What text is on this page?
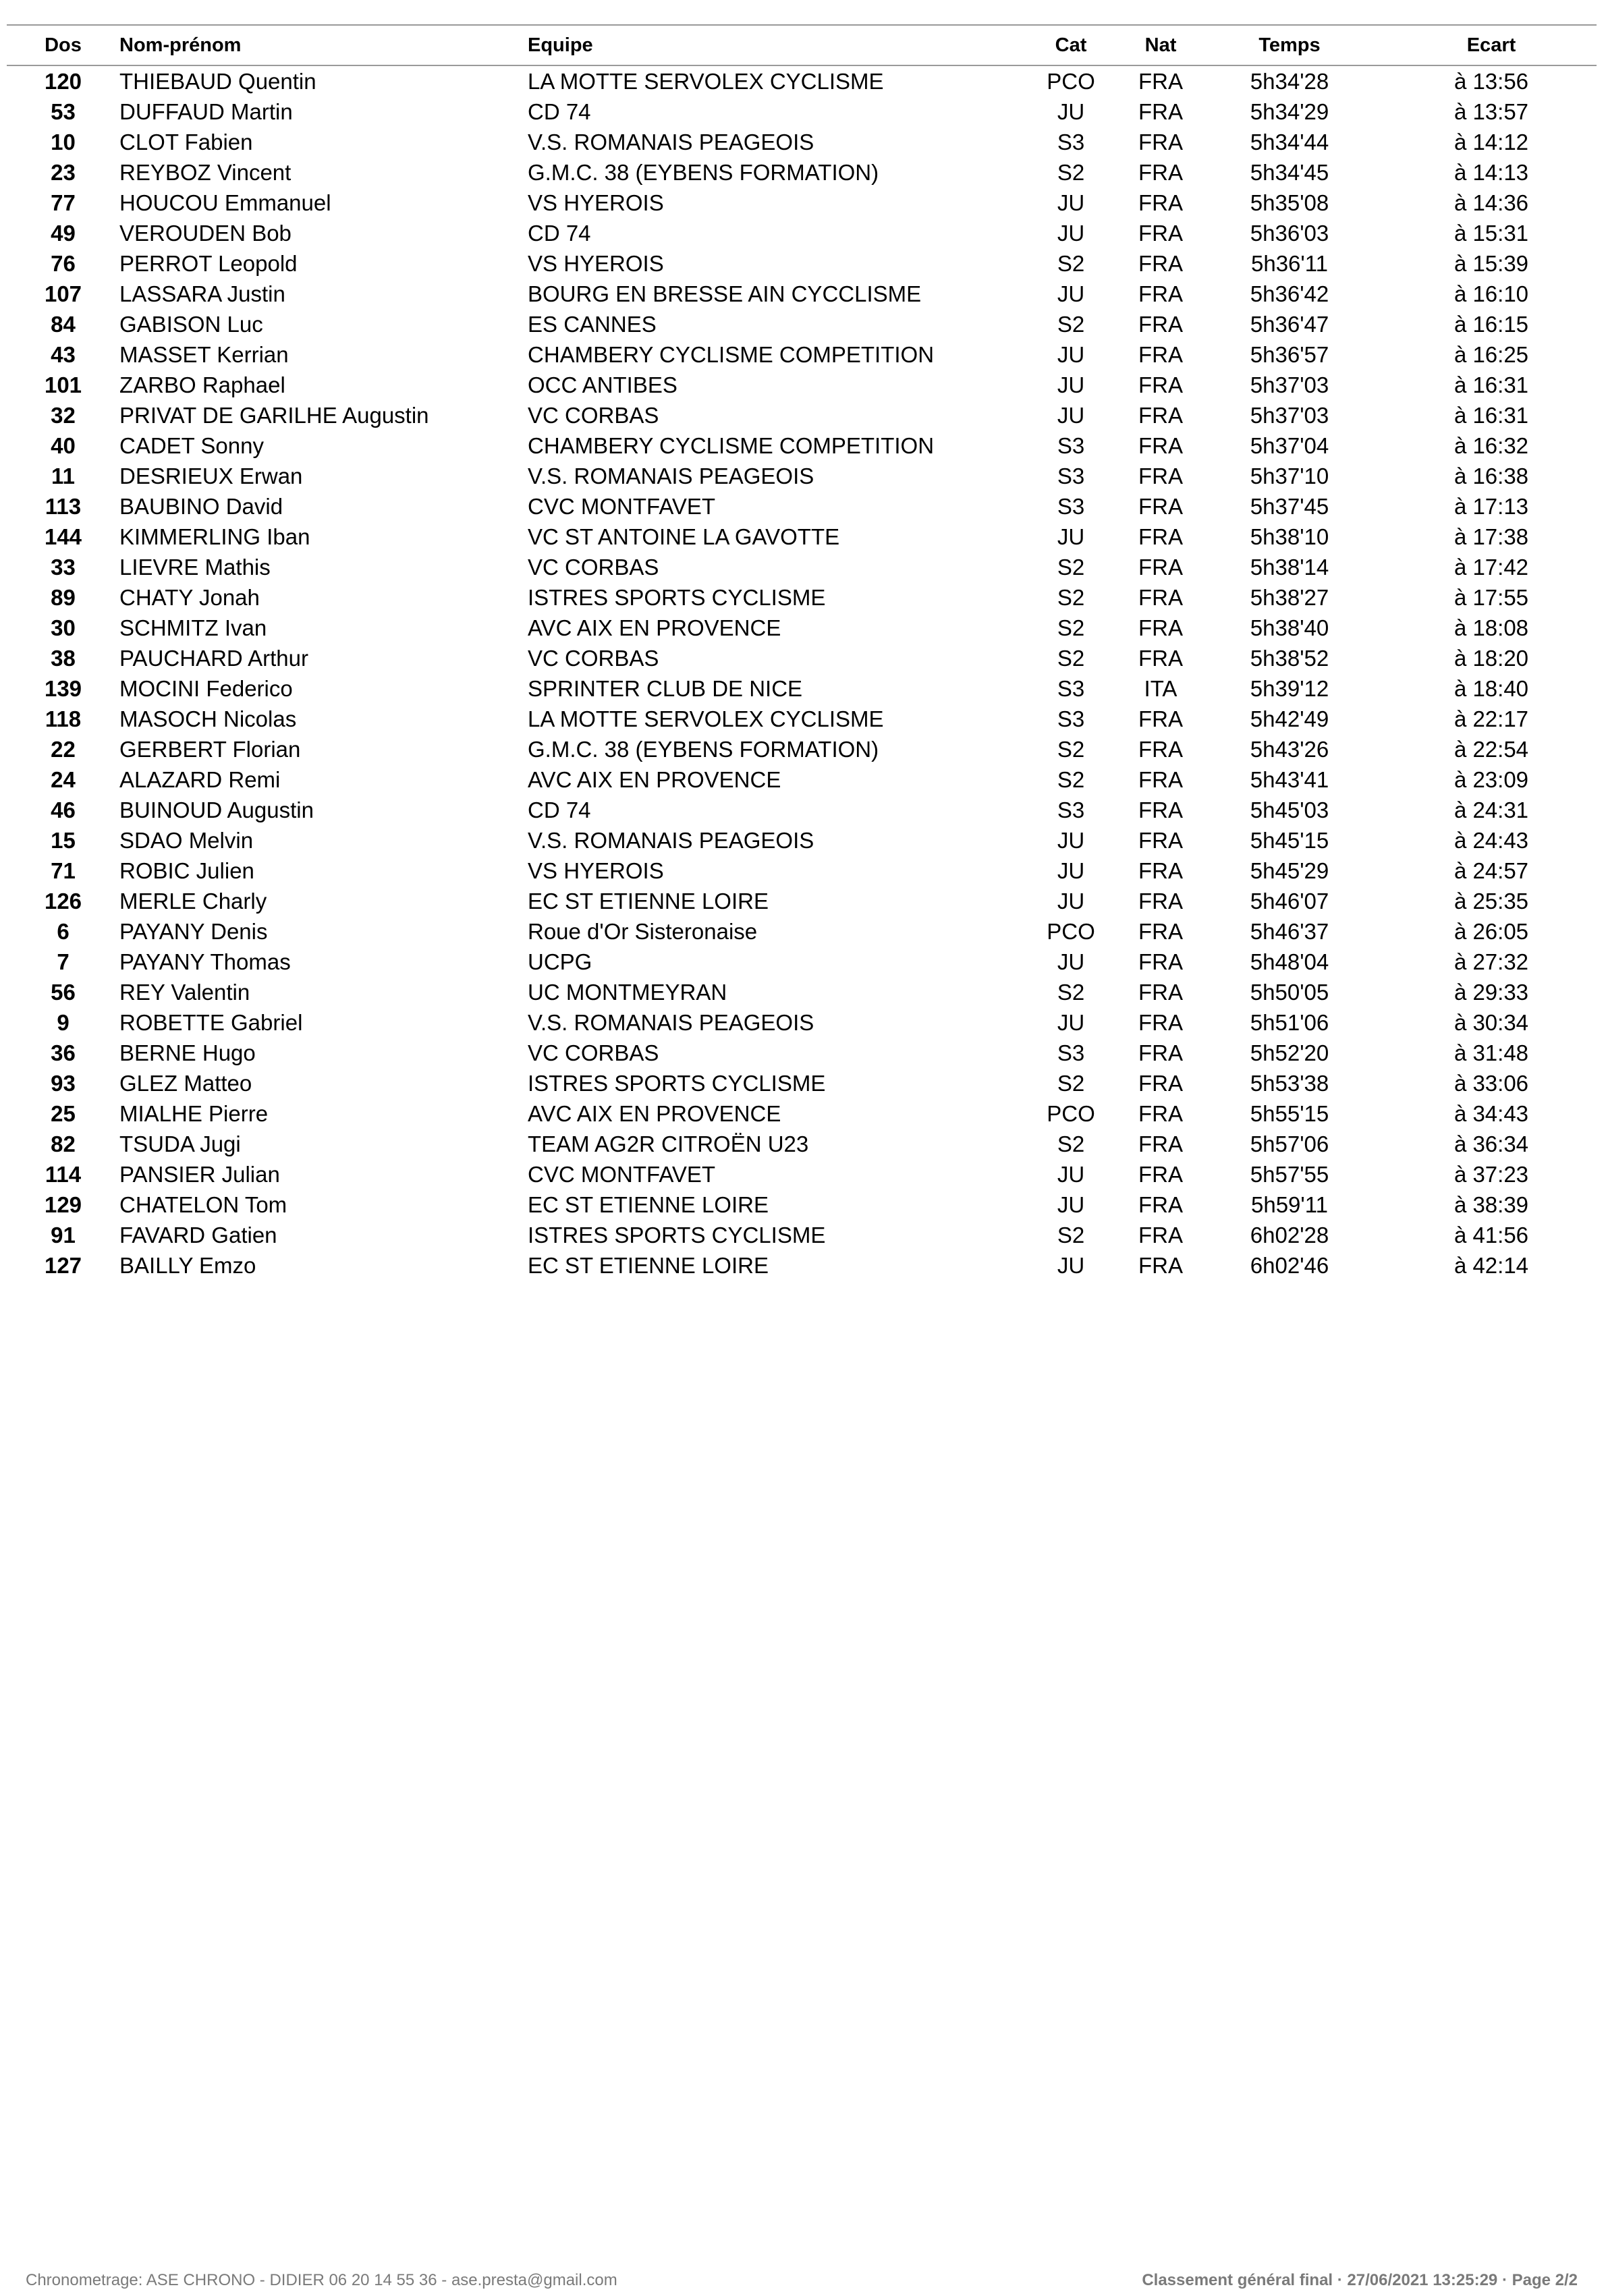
Dos	Nom-prénom	Equipe	Cat	Nat	Temps	Ecart
120	THIEBAUD Quentin	LA MOTTE SERVOLEX CYCLISME	PCO	FRA	5h34'28	à 13:56
53	DUFFAUD Martin	CD 74	JU	FRA	5h34'29	à 13:57
10	CLOT Fabien	V.S. ROMANAIS PEAGEOIS	S3	FRA	5h34'44	à 14:12
23	REYBOZ Vincent	G.M.C. 38 (EYBENS FORMATION)	S2	FRA	5h34'45	à 14:13
77	HOUCOU Emmanuel	VS HYEROIS	JU	FRA	5h35'08	à 14:36
49	VEROUDEN Bob	CD 74	JU	FRA	5h36'03	à 15:31
76	PERROT Leopold	VS HYEROIS	S2	FRA	5h36'11	à 15:39
107	LASSARA Justin	BOURG EN BRESSE AIN CYCCLISME	JU	FRA	5h36'42	à 16:10
84	GABISON Luc	ES CANNES	S2	FRA	5h36'47	à 16:15
43	MASSET Kerrian	CHAMBERY CYCLISME COMPETITION	JU	FRA	5h36'57	à 16:25
101	ZARBO Raphael	OCC ANTIBES	JU	FRA	5h37'03	à 16:31
32	PRIVAT DE GARILHE Augustin	VC CORBAS	JU	FRA	5h37'03	à 16:31
40	CADET Sonny	CHAMBERY CYCLISME COMPETITION	S3	FRA	5h37'04	à 16:32
11	DESRIEUX Erwan	V.S. ROMANAIS PEAGEOIS	S3	FRA	5h37'10	à 16:38
113	BAUBINO David	CVC MONTFAVET	S3	FRA	5h37'45	à 17:13
144	KIMMERLING Iban	VC ST ANTOINE LA GAVOTTE	JU	FRA	5h38'10	à 17:38
33	LIEVRE Mathis	VC CORBAS	S2	FRA	5h38'14	à 17:42
89	CHATY Jonah	ISTRES SPORTS CYCLISME	S2	FRA	5h38'27	à 17:55
30	SCHMITZ Ivan	AVC AIX EN PROVENCE	S2	FRA	5h38'40	à 18:08
38	PAUCHARD Arthur	VC CORBAS	S2	FRA	5h38'52	à 18:20
139	MOCINI Federico	SPRINTER CLUB DE NICE	S3	ITA	5h39'12	à 18:40
118	MASOCH Nicolas	LA MOTTE SERVOLEX CYCLISME	S3	FRA	5h42'49	à 22:17
22	GERBERT Florian	G.M.C. 38 (EYBENS FORMATION)	S2	FRA	5h43'26	à 22:54
24	ALAZARD Remi	AVC AIX EN PROVENCE	S2	FRA	5h43'41	à 23:09
46	BUINOUD Augustin	CD 74	S3	FRA	5h45'03	à 24:31
15	SDAO Melvin	V.S. ROMANAIS PEAGEOIS	JU	FRA	5h45'15	à 24:43
71	ROBIC Julien	VS HYEROIS	JU	FRA	5h45'29	à 24:57
126	MERLE Charly	EC ST ETIENNE LOIRE	JU	FRA	5h46'07	à 25:35
6	PAYANY Denis	Roue d'Or Sisteronaise	PCO	FRA	5h46'37	à 26:05
7	PAYANY Thomas	UCPG	JU	FRA	5h48'04	à 27:32
56	REY Valentin	UC MONTMEYRAN	S2	FRA	5h50'05	à 29:33
9	ROBETTE Gabriel	V.S. ROMANAIS PEAGEOIS	JU	FRA	5h51'06	à 30:34
36	BERNE Hugo	VC CORBAS	S3	FRA	5h52'20	à 31:48
93	GLEZ Matteo	ISTRES SPORTS CYCLISME	S2	FRA	5h53'38	à 33:06
25	MIALHE Pierre	AVC AIX EN PROVENCE	PCO	FRA	5h55'15	à 34:43
82	TSUDA Jugi	TEAM AG2R CITROËN U23	S2	FRA	5h57'06	à 36:34
114	PANSIER Julian	CVC MONTFAVET	JU	FRA	5h57'55	à 37:23
129	CHATELON Tom	EC ST ETIENNE LOIRE	JU	FRA	5h59'11	à 38:39
91	FAVARD Gatien	ISTRES SPORTS CYCLISME	S2	FRA	6h02'28	à 41:56
127	BAILLY Emzo	EC ST ETIENNE LOIRE	JU	FRA	6h02'46	à 42:14
Chronometrage: ASE CHRONO - DIDIER 06 20 14 55 36 - ase.presta@gmail.com	Classement général final · 27/06/2021 13:25:29 · Page 2/2
